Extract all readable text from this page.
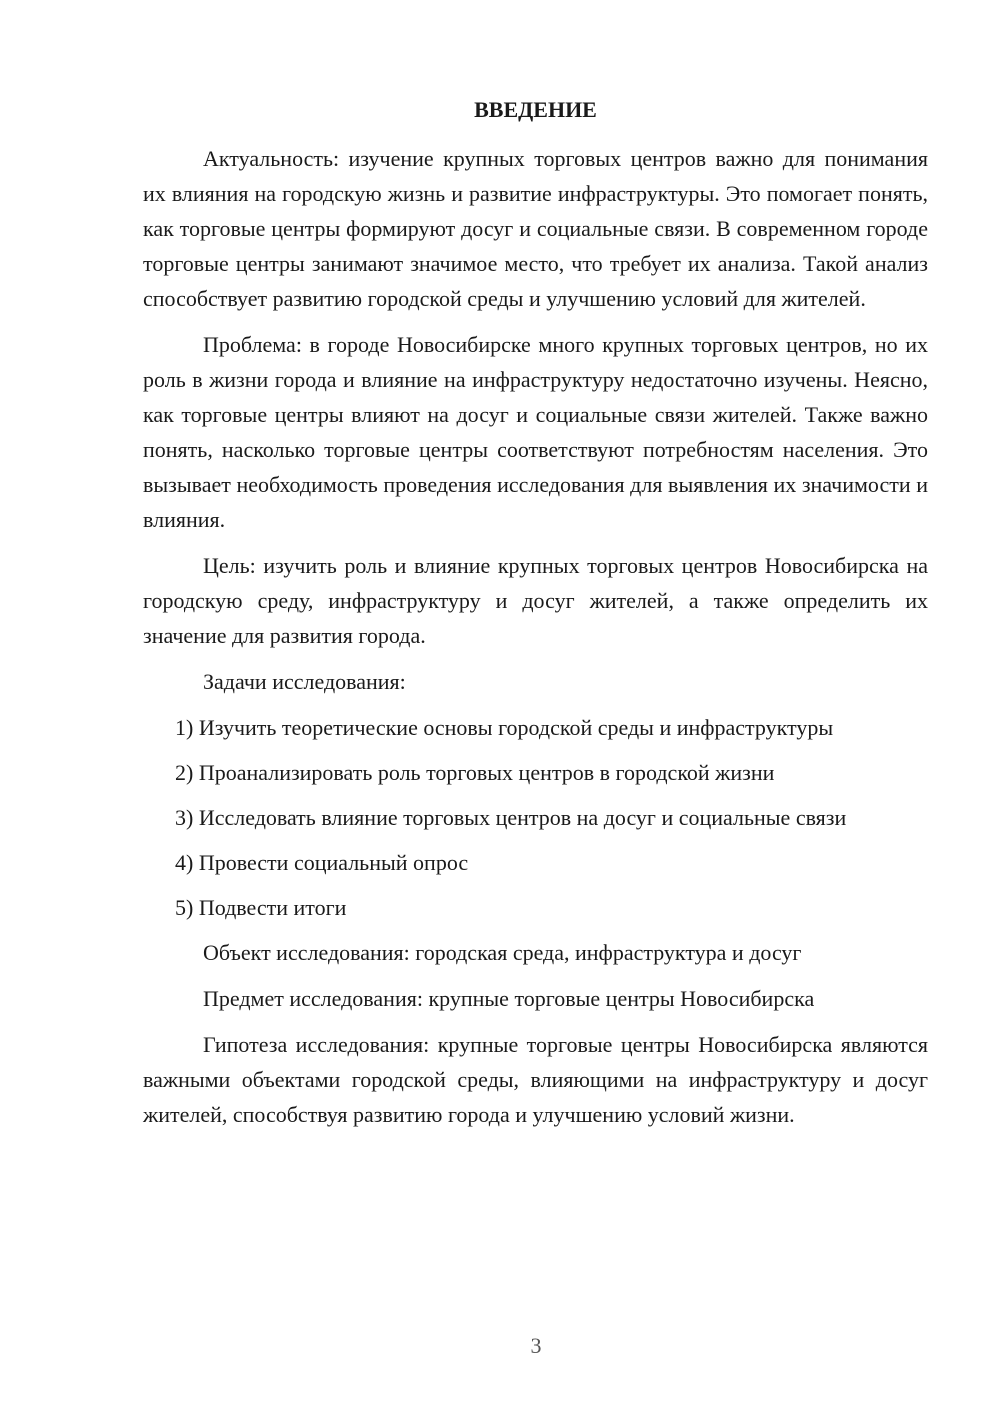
ВВЕДЕНИЕ

Актуальность: изучение крупных торговых центров важно для понимания их влияния на городскую жизнь и развитие инфраструктуры. Это помогает понять, как торговые центры формируют досуг и социальные связи. В современном городе торговые центры занимают значимое место, что требует их анализа. Такой анализ способствует развитию городской среды и улучшению условий для жителей.

Проблема: в городе Новосибирске много крупных торговых центров, но их роль в жизни города и влияние на инфраструктуру недостаточно изучены. Неясно, как торговые центры влияют на досуг и социальные связи жителей. Также важно понять, насколько торговые центры соответствуют потребностям населения. Это вызывает необходимость проведения исследования для выявления их значимости и влияния.

Цель: изучить роль и влияние крупных торговых центров Новосибирска на городскую среду, инфраструктуру и досуг жителей, а также определить их значение для развития города.

Задачи исследования:

1) Изучить теоретические основы городской среды и инфраструктуры

2) Проанализировать роль торговых центров в городской жизни

3) Исследовать влияние торговых центров на досуг и социальные связи

4) Провести социальный опрос

5) Подвести итоги

Объект исследования: городская среда, инфраструктура и досуг

Предмет исследования: крупные торговые центры Новосибирска

Гипотеза исследования: крупные торговые центры Новосибирска являются важными объектами городской среды, влияющими на инфраструктуру и досуг жителей, способствуя развитию города и улучшению условий жизни.

3
